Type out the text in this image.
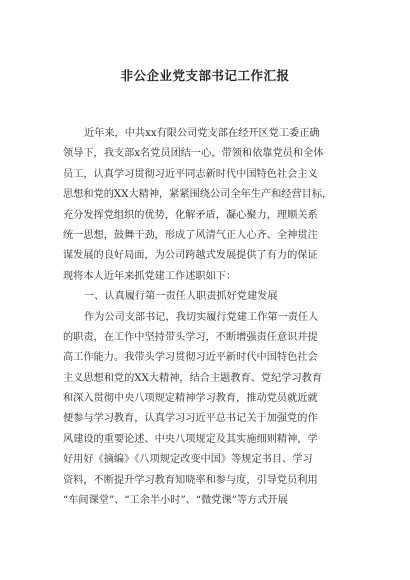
非公企业党支部书记工作汇报
近年来，中共xx有限公司党支部在经开区党工委正确
领导下，我支部x名党员团结一心，带领和依靠党员和全体
员工，认真学习贯彻习近平同志新时代中国特色社会主义
思想和党的XX大精神，紧紧围绕公司全年生产和经营目标，
充分发挥党组织的优势，化解矛盾，凝心聚力，理顺关系
统一思想，鼓舞干劲，形成了风清气正人心齐、全神贯注
谋发展的良好局面，为公司跨越式发展提供了有力的保证
现将本人近年来抓党建工作述职如下：
一、认真履行第一责任人职责抓好党建发展
作为公司支部书记，我切实履行党建工作第一责任人
的职责，在工作中坚持带头学习，不断增强责任意识并提
高工作能力。我带头学习贯彻习近平新时代中国特色社会
主义思想和党的XX大精神，结合主题教育、党纪学习教育
和深入贯彻中央八项规定精神学习教育，推动党员就近就
便参与学习教育，认真学习习近平总书记关于加强党的作
风建设的重要论述、中央八项规定及其实施细则精神，学
好用好《摘编》《八项规定改变中国》等规定书目、学习
资料，不断提升学习教育知晓率和参与度，引导党员利用
“车间课堂”、“工余半小时”、“微党课”等方式开展
